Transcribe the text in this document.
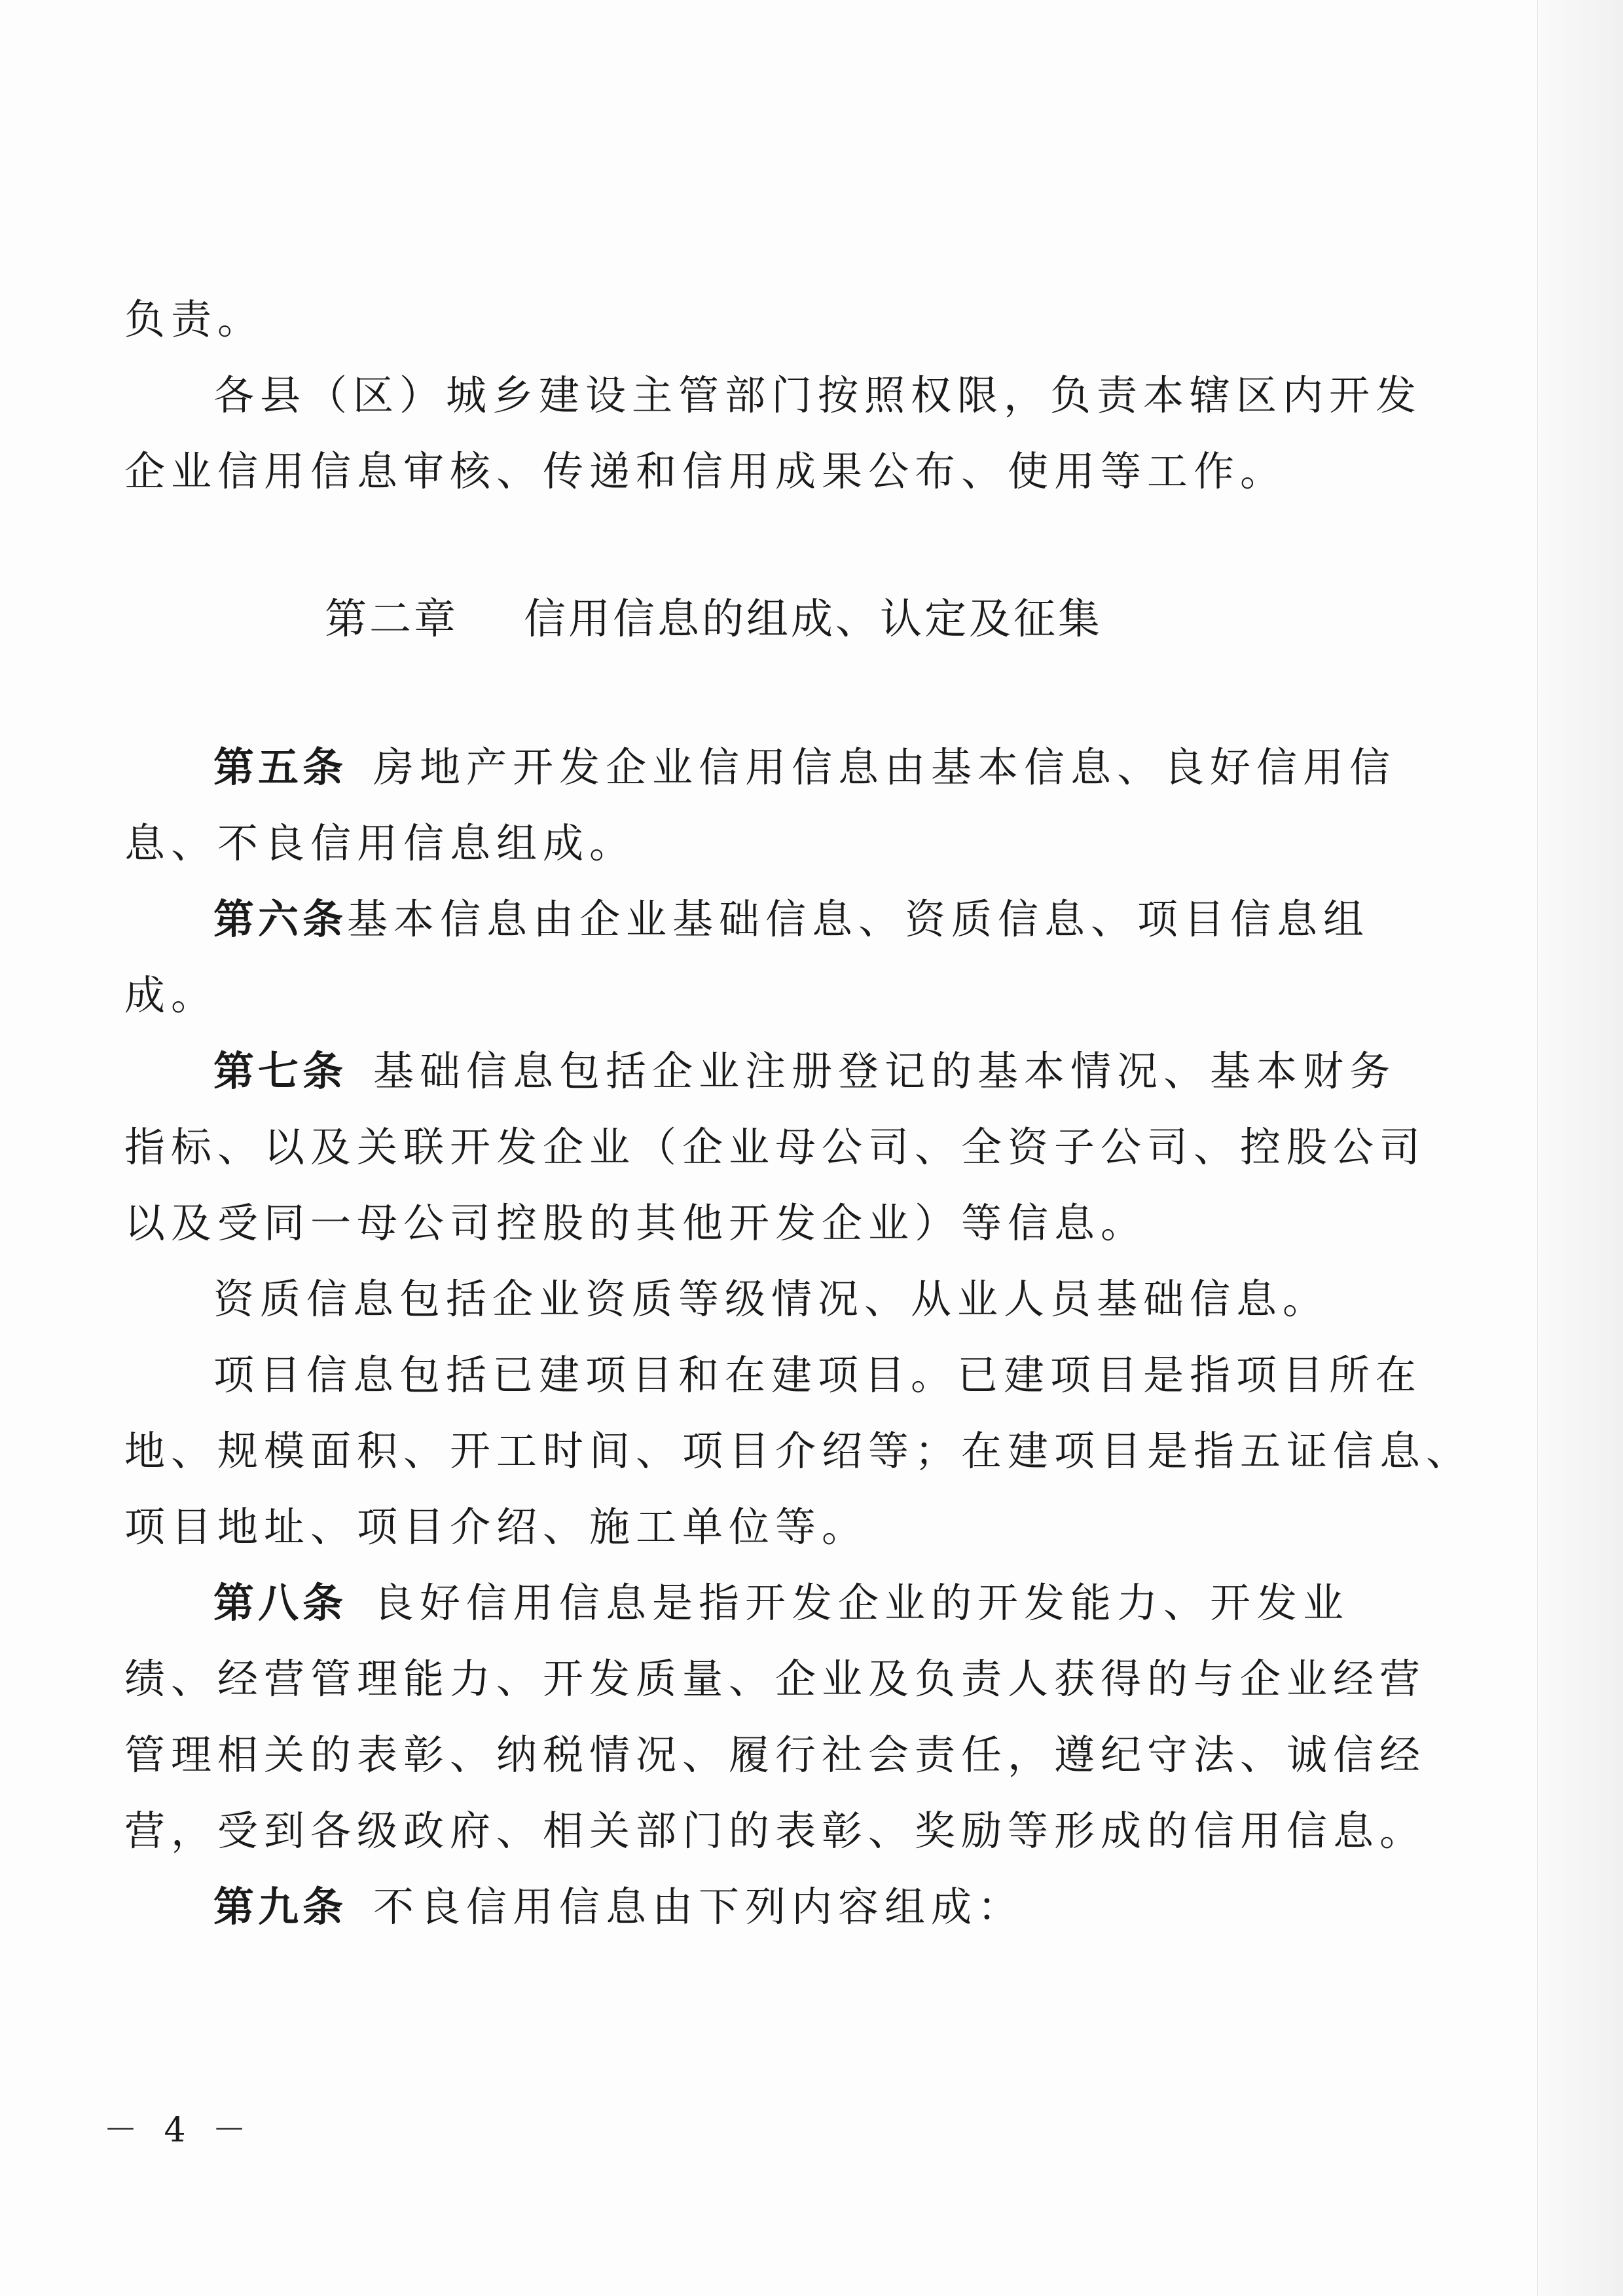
负责。
各县（区）城乡建设主管部门按照权限，负责本辖区内开发
企业信用信息审核、传递和信用成果公布、使用等工作。
第二章 信用信息的组成、认定及征集
第五条 房地产开发企业信用信息由基本信息、良好信用信
息、不良信用信息组成。
第六条基本信息由企业基础信息、资质信息、项目信息组
成。
第七条 基础信息包括企业注册登记的基本情况、基本财务
指标、以及关联开发企业（企业母公司、全资子公司、控股公司
以及受同一母公司控股的其他开发企业）等信息。
资质信息包括企业资质等级情况、从业人员基础信息。
项目信息包括已建项目和在建项目。已建项目是指项目所在
地、规模面积、开工时间、项目介绍等；在建项目是指五证信息、
项目地址、项目介绍、施工单位等。
第八条 良好信用信息是指开发企业的开发能力、开发业
绩、经营管理能力、开发质量、企业及负责人获得的与企业经营
管理相关的表彰、纳税情况、履行社会责任，遵纪守法、诚信经
营，受到各级政府、相关部门的表彰、奖励等形成的信用信息。
第九条 不良信用信息由下列内容组成：
－ 4 －
